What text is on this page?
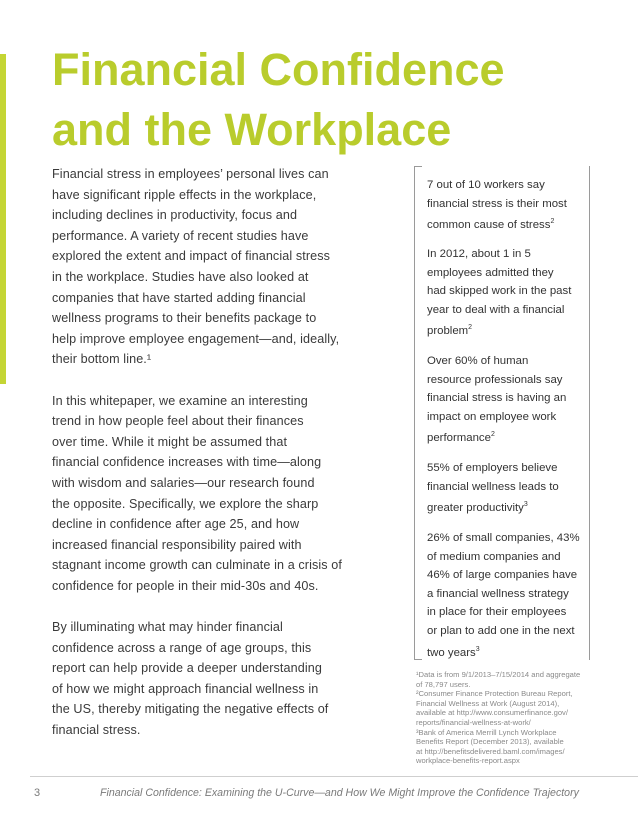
Financial Confidence
and the Workplace

Financial stress in employees’ personal lives can
have significant ripple effects in the workplace,
including declines in productivity, focus and
performance. A variety of recent studies have
explored the extent and impact of financial stress
in the workplace. Studies have also looked at
companies that have started adding financial
wellness programs to their benefits package to
help improve employee engagement—and, ideally,
their bottom line.¹

In this whitepaper, we examine an interesting
trend in how people feel about their finances
over time. While it might be assumed that
financial confidence increases with time—along
with wisdom and salaries—our research found
the opposite. Specifically, we explore the sharp
decline in confidence after age 25, and how
increased financial responsibility paired with
stagnant income growth can culminate in a crisis of
confidence for people in their mid-30s and 40s.

By illuminating what may hinder financial
confidence across a range of age groups, this
report can help provide a deeper understanding
of how we might approach financial wellness in
the US, thereby mitigating the negative effects of
financial stress.

7 out of 10 workers say
financial stress is their most
common cause of stress$^2$
In 2012, about 1 in 5
employees admitted they
had skipped work in the past
year to deal with a financial
problem$^2$
Over 60% of human
resource professionals say
financial stress is having an
impact on employee work
performance$^2$
55% of employers believe
financial wellness leads to
greater productivity$^3$
26% of small companies, 43%
of medium companies and
46% of large companies have
a financial wellness strategy
in place for their employees
or plan to add one in the next
two years$^3$
¹Data is from 9/1/2013–7/15/2014 and aggregate
of 78,797 users.
²Consumer Finance Protection Bureau Report,
Financial Wellness at Work (August 2014),
available at http://www.consumerfinance.gov/
reports/financial-wellness-at-work/
³Bank of America Merrill Lynch Workplace
Benefits Report (December 2013), available
at http://benefitsdelivered.baml.com/images/
workplace-benefits-report.aspx
3	Financial Confidence: Examining the U-Curve—and How We Might Improve the Confidence Trajectory
